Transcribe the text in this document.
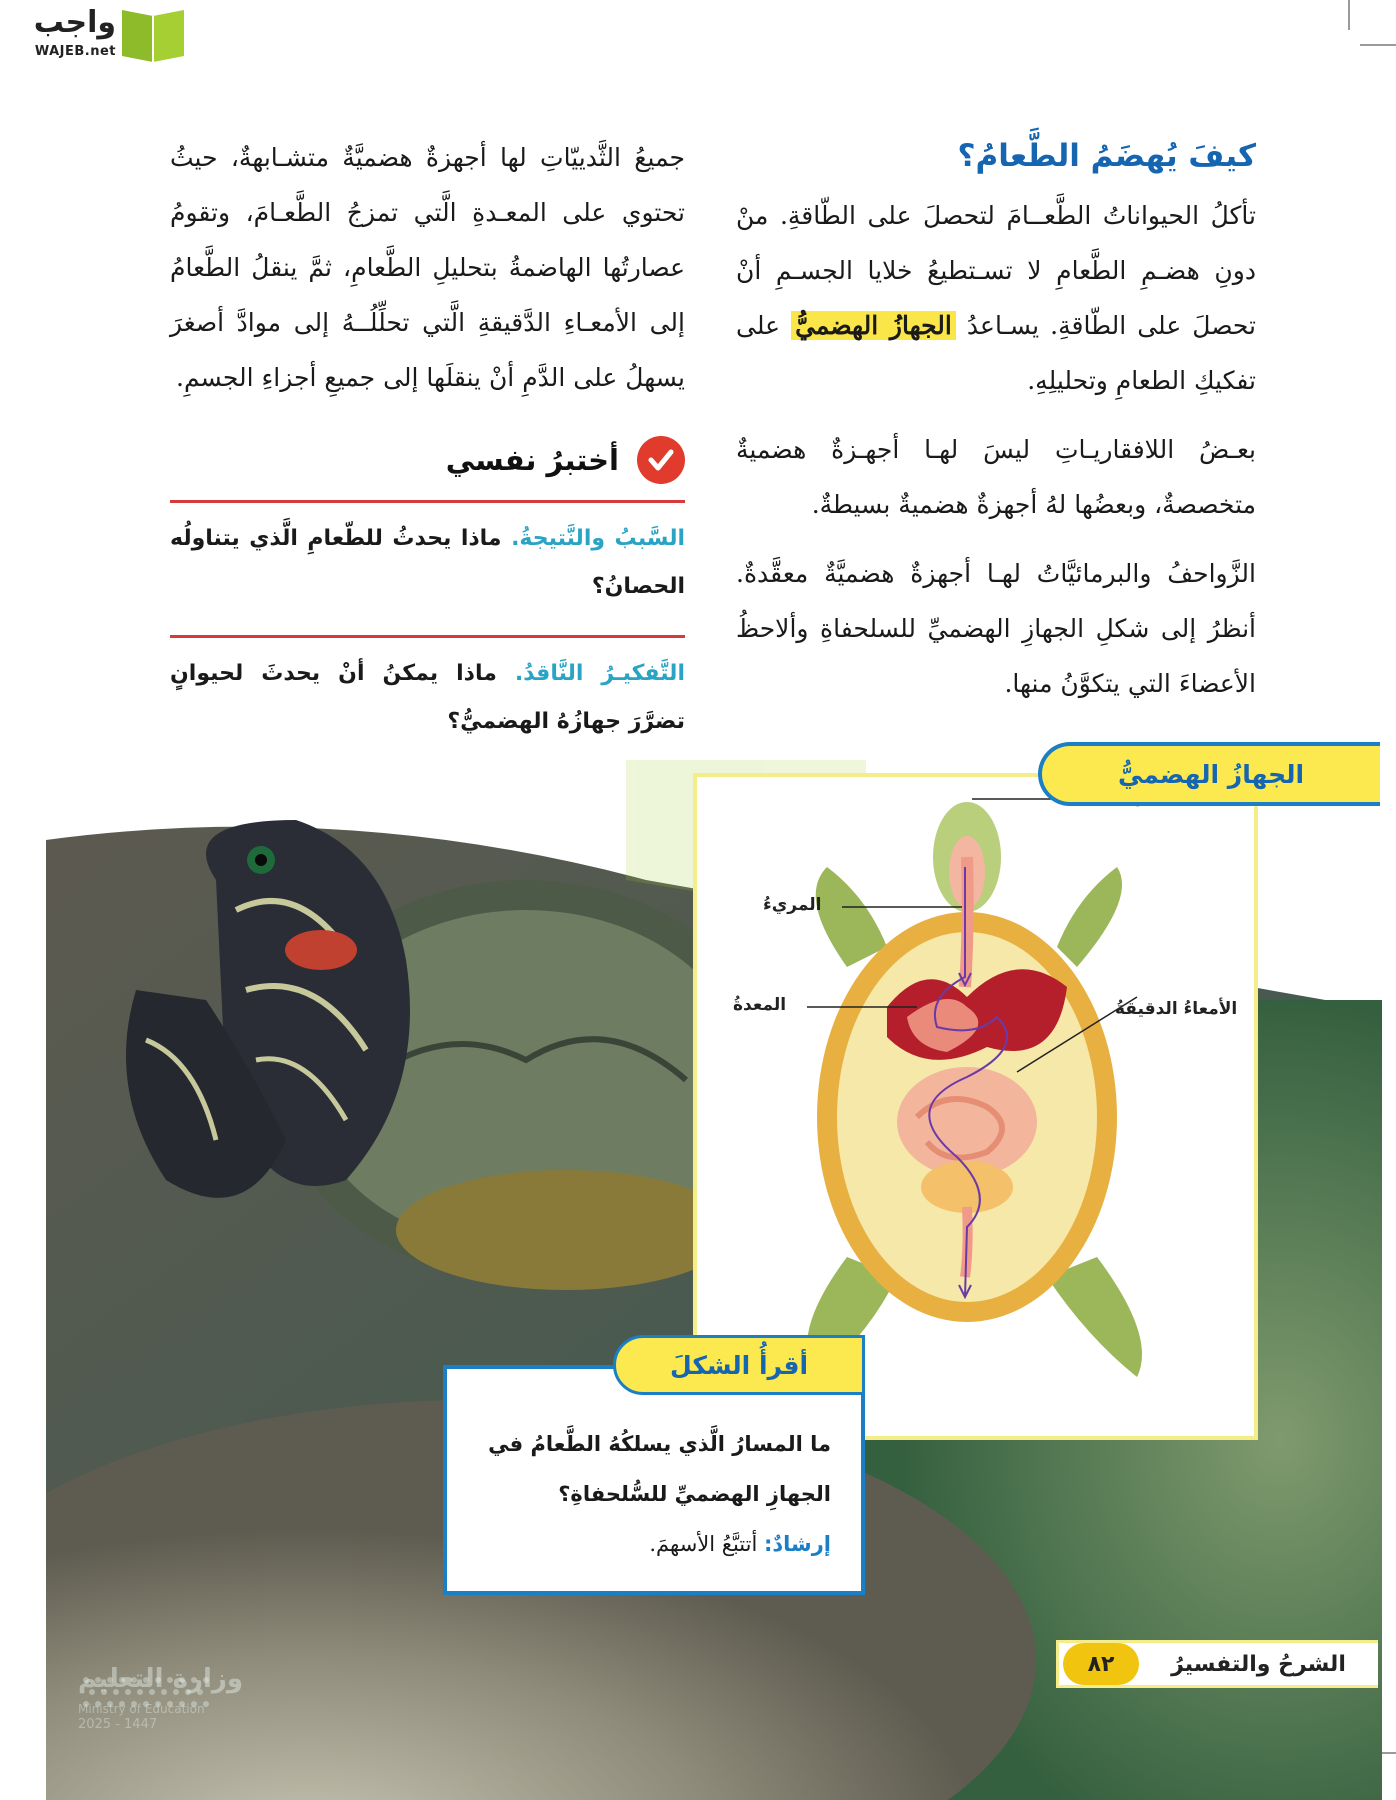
واجب
WAJEB.net
كيفَ يُهضَمُ الطَّعامُ؟

تأكلُ الحيواناتُ الطَّعــامَ لتحصلَ على الطّاقةِ. منْ دونِ هضـمِ الطَّعامِ لا تسـتطيعُ خلايا الجسـمِ أنْ تحصلَ على الطّاقةِ. يسـاعدُ الجهازُ الهضميُّ على تفكيكِ الطعامِ وتحليلِهِ.

بعـضُ اللافقاريـاتِ ليسَ لهـا أجهـزةٌ هضميةٌ متخصصةٌ، وبعضُها لهُ أجهزةٌ هضميةٌ بسيطةٌ.

الزَّواحفُ والبرمائيَّاتُ لهـا أجهزةٌ هضميَّةٌ معقَّدةٌ. أنظرُ إلى شكلِ الجهازِ الهضميِّ للسلحفاةِ وألاحظُ الأعضاءَ التي يتكوَّنُ منها.

جميعُ الثَّدييّاتِ لها أجهزةٌ هضميَّةٌ متشـابهةٌ، حيثُ تحتوي على المعـدةِ الَّتي تمزجُ الطَّعـامَ، وتقومُ عصارتُها الهاضمةُ بتحليلِ الطَّعامِ، ثمَّ ينقلُ الطَّعامُ إلى الأمعـاءِ الدَّقيقةِ الَّتي تحلِّلُــهُ إلى موادَّ أصغرَ يسهلُ على الدَّمِ أنْ ينقلَها إلى جميعِ أجزاءِ الجسمِ.

أختبرُ نفسي
السَّببُ والنَّتيجةُ. ماذا يحدثُ للطّعامِ الَّذي يتناولُه الحصانُ؟
التَّفكيـرُ النَّاقدُ. ماذا يمكنُ أنْ يحدثَ لحيوانٍ تضرَّرَ جهازُهُ الهضميُّ؟
وزارة التعليم
Ministry of Education
2025 - 1447
المريءُ
المعدةُ	الأمعاءُ الدقيقةُ
الجهازُ الهضميُّ
ما المسارُ الَّذي يسلكُهُ الطَّعامُ في الجهازِ الهضميِّ للسُّلحفاةِ؟
إرشادٌ: أتتبَّعُ الأسهمَ.
أقرأُ الشكلَ
الشرحُ والتفسيرُ
٨٢
